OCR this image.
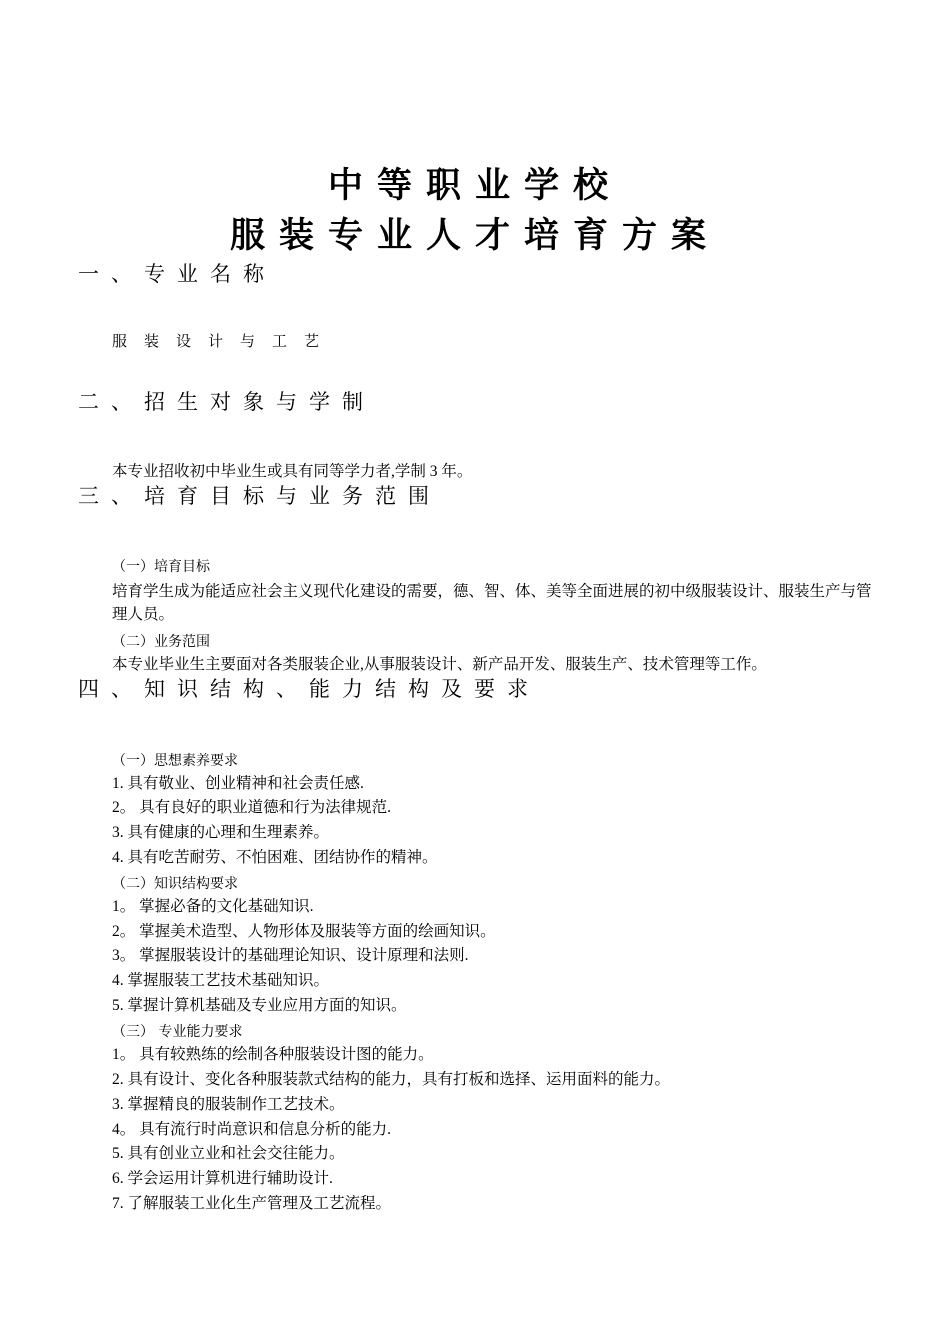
中等职业学校
服装专业人才培育方案
一、专业名称
服装设计与工艺
二、招生对象与学制
本专业招收初中毕业生或具有同等学力者,学制 3 年。
三、培育目标与业务范围
（一）培育目标
培育学生成为能适应社会主义现代化建设的需要，德、智、体、美等全面进展的初中级服装设计、服装生产与管理人员。
（二）业务范围
本专业毕业生主要面对各类服装企业,从事服装设计、新产品开发、服装生产、技术管理等工作。
四、知识结构、能力结构及要求
（一）思想素养要求
1. 具有敬业、创业精神和社会责任感.
2。 具有良好的职业道德和行为法律规范.
3. 具有健康的心理和生理素养。
4. 具有吃苦耐劳、不怕困难、团结协作的精神。
（二）知识结构要求
1。 掌握必备的文化基础知识.
2。 掌握美术造型、人物形体及服装等方面的绘画知识。
3。 掌握服装设计的基础理论知识、设计原理和法则.
4. 掌握服装工艺技术基础知识。
5. 掌握计算机基础及专业应用方面的知识。
（三） 专业能力要求
1。 具有较熟练的绘制各种服装设计图的能力。
2. 具有设计、变化各种服装款式结构的能力，具有打板和选择、运用面料的能力。
3. 掌握精良的服装制作工艺技术。
4。 具有流行时尚意识和信息分析的能力.
5. 具有创业立业和社会交往能力。
6. 学会运用计算机进行辅助设计.
7. 了解服装工业化生产管理及工艺流程。
